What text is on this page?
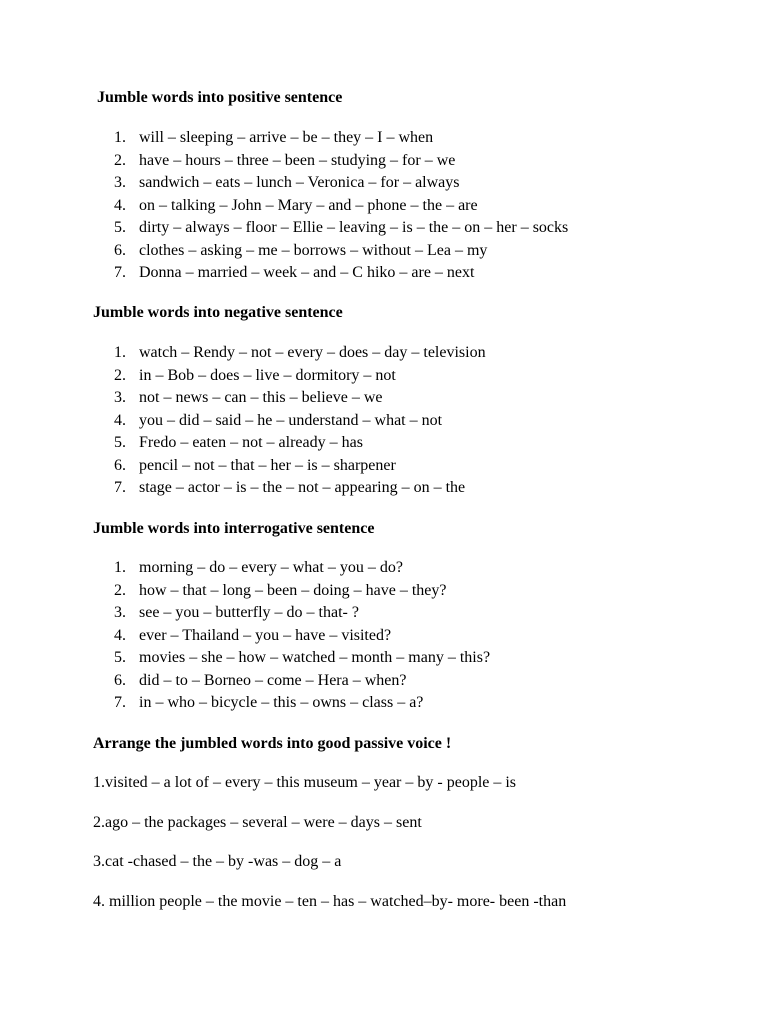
Jumble words into positive sentence
1. will – sleeping – arrive – be – they – I – when
2. have – hours – three – been – studying – for – we
3. sandwich – eats – lunch – Veronica – for – always
4. on – talking – John – Mary – and – phone – the – are
5. dirty – always – floor – Ellie – leaving – is – the – on – her – socks
6. clothes – asking – me – borrows – without – Lea – my
7. Donna – married – week – and – C hiko – are – next
Jumble words into negative sentence
1. watch – Rendy – not – every – does – day – television
2. in – Bob – does – live – dormitory – not
3. not – news – can – this – believe – we
4. you – did – said – he – understand – what – not
5. Fredo – eaten – not – already – has
6. pencil – not – that – her – is – sharpener
7. stage – actor – is – the – not – appearing – on – the
Jumble words into interrogative sentence
1. morning – do – every – what – you – do?
2. how – that – long – been – doing – have – they?
3. see – you – butterfly – do – that- ?
4. ever – Thailand – you – have – visited?
5. movies – she – how – watched – month – many – this?
6. did – to – Borneo – come – Hera – when?
7. in – who – bicycle – this – owns – class – a?
Arrange the jumbled words into good passive voice !
1.visited – a lot of – every – this museum – year – by - people – is
2.ago – the packages – several – were – days – sent
3.cat -chased – the – by -was – dog – a
4. million people – the movie – ten – has – watched–by- more- been -than
